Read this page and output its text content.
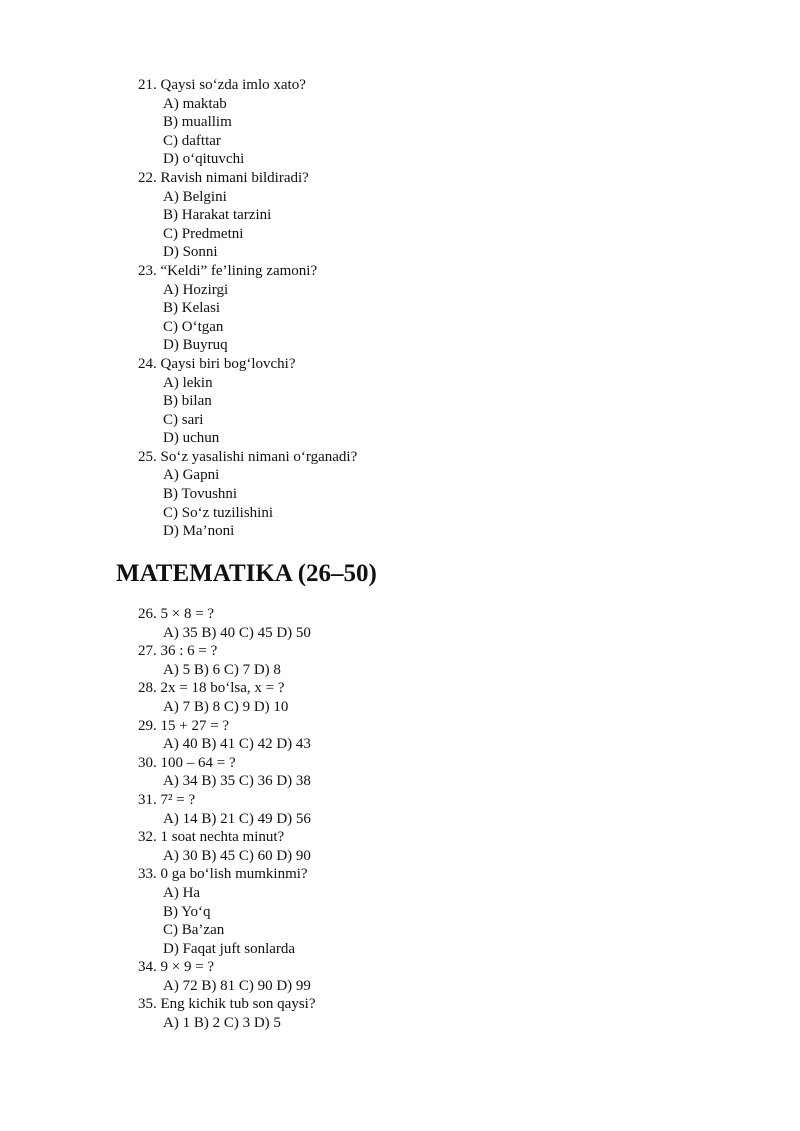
21. Qaysi so‘zda imlo xato?
A) maktab
B) muallim
C) dafttar
D) o‘qituvchi
22. Ravish nimani bildiradi?
A) Belgini
B) Harakat tarzini
C) Predmetni
D) Sonni
23. “Keldi” fe’lining zamoni?
A) Hozirgi
B) Kelasi
C) O‘tgan
D) Buyruq
24. Qaysi biri bog‘lovchi?
A) lekin
B) bilan
C) sari
D) uchun
25. So‘z yasalishi nimani o‘rganadi?
A) Gapni
B) Tovushni
C) So‘z tuzilishini
D) Ma’noni
MATEMATIKA (26–50)
26. 5 × 8 = ?
A) 35 B) 40 C) 45 D) 50
27. 36 : 6 = ?
A) 5 B) 6 C) 7 D) 8
28. 2x = 18 bo‘lsa, x = ?
A) 7 B) 8 C) 9 D) 10
29. 15 + 27 = ?
A) 40 B) 41 C) 42 D) 43
30. 100 – 64 = ?
A) 34 B) 35 C) 36 D) 38
31. 7² = ?
A) 14 B) 21 C) 49 D) 56
32. 1 soat nechta minut?
A) 30 B) 45 C) 60 D) 90
33. 0 ga bo‘lish mumkinmi?
A) Ha
B) Yo‘q
C) Ba’zan
D) Faqat juft sonlarda
34. 9 × 9 = ?
A) 72 B) 81 C) 90 D) 99
35. Eng kichik tub son qaysi?
A) 1 B) 2 C) 3 D) 5
